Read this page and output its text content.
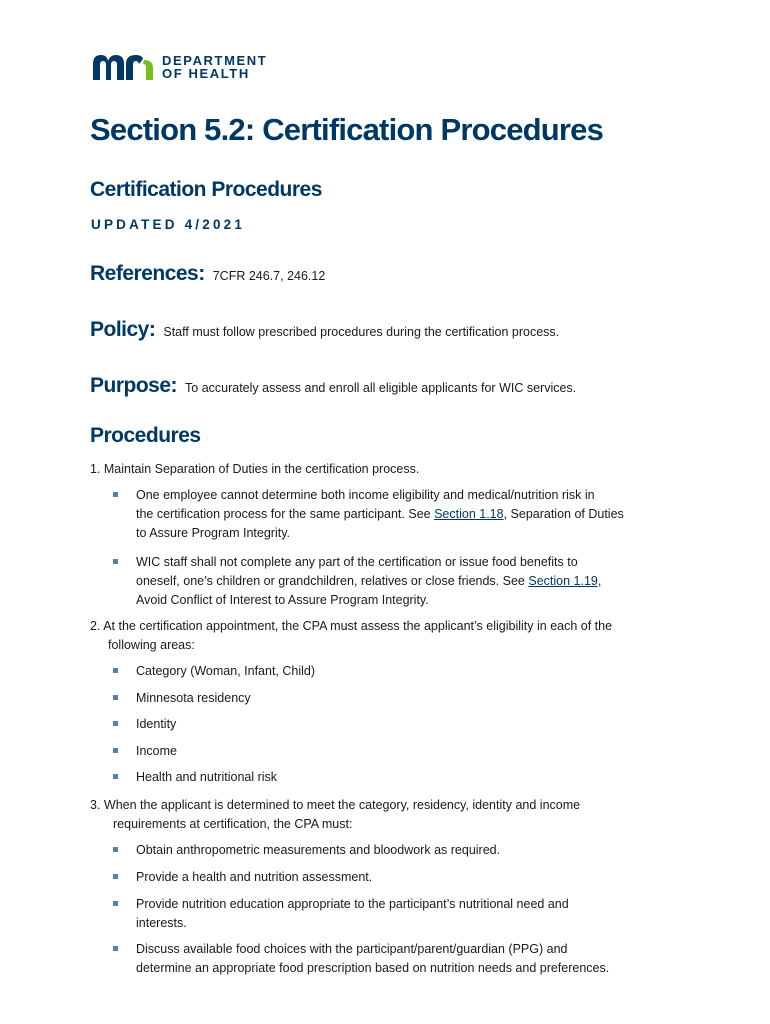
DEPARTMENT
OF HEALTH
Section 5.2: Certification Procedures
Certification Procedures
UPDATED 4/2021
References: 7CFR 246.7, 246.12
Policy: Staff must follow prescribed procedures during the certification process.
Purpose: To accurately assess and enroll all eligible applicants for WIC services.
Procedures
1. Maintain Separation of Duties in the certification process.
One employee cannot determine both income eligibility and medical/nutrition risk in
the certification process for the same participant. See Section 1.18, Separation of Duties
to Assure Program Integrity.
WIC staff shall not complete any part of the certification or issue food benefits to
oneself, one’s children or grandchildren, relatives or close friends. See Section 1.19,
Avoid Conflict of Interest to Assure Program Integrity.
2. At the certification appointment, the CPA must assess the applicant’s eligibility in each of the
following areas:
Category (Woman, Infant, Child)
Minnesota residency
Identity
Income
Health and nutritional risk
3. When the applicant is determined to meet the category, residency, identity and income
requirements at certification, the CPA must:
Obtain anthropometric measurements and bloodwork as required.
Provide a health and nutrition assessment.
Provide nutrition education appropriate to the participant’s nutritional need and
interests.
Discuss available food choices with the participant/parent/guardian (PPG) and
determine an appropriate food prescription based on nutrition needs and preferences.
